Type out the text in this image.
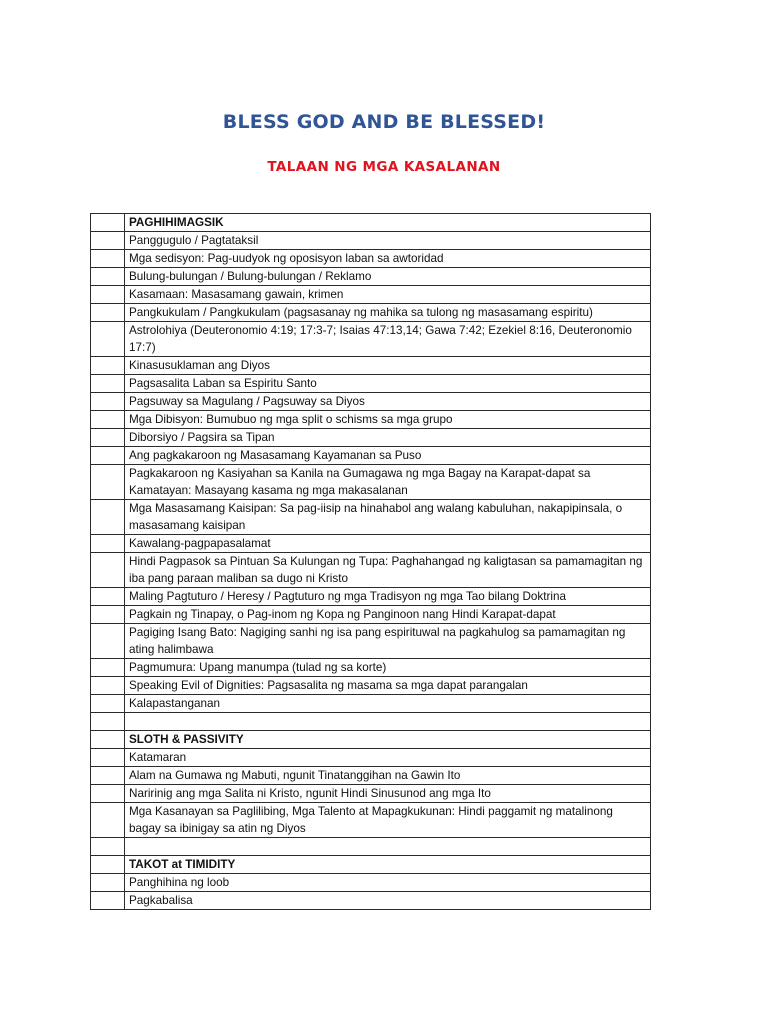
BLESS GOD AND BE BLESSED!
TALAAN NG MGA KASALANAN
	PAGHIHIMAGSIK
	Panggugulo / Pagtataksil
	Mga sedisyon: Pag-uudyok ng oposisyon laban sa awtoridad
	Bulung-bulungan / Bulung-bulungan / Reklamo
	Kasamaan: Masasamang gawain, krimen
	Pangkukulam / Pangkukulam (pagsasanay ng mahika sa tulong ng masasamang espiritu)
	Astrolohiya (Deuteronomio 4:19; 17:3-7; Isaias 47:13,14; Gawa 7:42; Ezekiel 8:16, Deuteronomio 17:7)
	Kinasusuklaman ang Diyos
	Pagsasalita Laban sa Espiritu Santo
	Pagsuway sa Magulang / Pagsuway sa Diyos
	Mga Dibisyon: Bumubuo ng mga split o schisms sa mga grupo
	Diborsiyo / Pagsira sa Tipan
	Ang pagkakaroon ng Masasamang Kayamanan sa Puso
	Pagkakaroon ng Kasiyahan sa Kanila na Gumagawa ng mga Bagay na Karapat-dapat sa Kamatayan: Masayang kasama ng mga makasalanan
	Mga Masasamang Kaisipan: Sa pag-iisip na hinahabol ang walang kabuluhan, nakapipinsala, o masasamang kaisipan
	Kawalang-pagpapasalamat
	Hindi Pagpasok sa Pintuan Sa Kulungan ng Tupa: Paghahangad ng kaligtasan sa pamamagitan ng iba pang paraan maliban sa dugo ni Kristo
	Maling Pagtuturo / Heresy / Pagtuturo ng mga Tradisyon ng mga Tao bilang Doktrina
	Pagkain ng Tinapay, o Pag-inom ng Kopa ng Panginoon nang Hindi Karapat-dapat
	Pagiging Isang Bato: Nagiging sanhi ng isa pang espirituwal na pagkahulog sa pamamagitan ng ating halimbawa
	Pagmumura: Upang manumpa (tulad ng sa korte)
	Speaking Evil of Dignities: Pagsasalita ng masama sa mga dapat parangalan
	Kalapastanganan

	SLOTH & PASSIVITY
	Katamaran
	Alam na Gumawa ng Mabuti, ngunit Tinatanggihan na Gawin Ito
	Naririnig ang mga Salita ni Kristo, ngunit Hindi Sinusunod ang mga Ito
	Mga Kasanayan sa Paglilibing, Mga Talento at Mapagkukunan: Hindi paggamit ng matalinong bagay sa ibinigay sa atin ng Diyos

	TAKOT at TIMIDITY
	Panghihina ng loob
	Pagkabalisa
